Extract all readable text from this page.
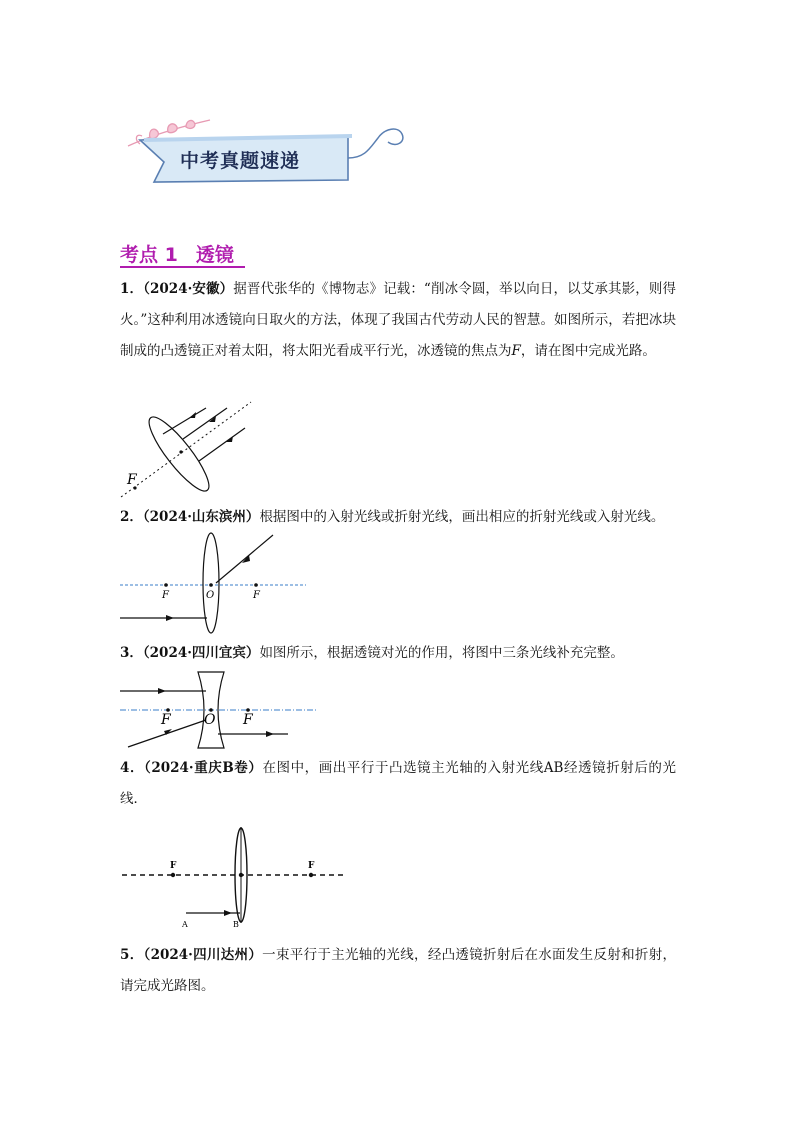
中考真题速递
考点 1 透镜
1．（2024·安徽）据晋代张华的《博物志》记载：“削冰令圆，举以向日，以艾承其影，则得火。”这种利用冰透镜向日取火的方法，体现了我国古代劳动人民的智慧。如图所示，若把冰块制成的凸透镜正对着太阳，将太阳光看成平行光，冰透镜的焦点为F，请在图中完成光路。
F
2．（2024·山东滨州）根据图中的入射光线或折射光线，画出相应的折射光线或入射光线。
F	O	F
3．（2024·四川宜宾）如图所示，根据透镜对光的作用，将图中三条光线补充完整。
F O F
4．（2024·重庆B卷）在图中，画出平行于凸选镜主光轴的入射光线AB经透镜折射后的光线．
F	F
A	B
5．（2024·四川达州）一束平行于主光轴的光线，经凸透镜折射后在水面发生反射和折射，请完成光路图。
